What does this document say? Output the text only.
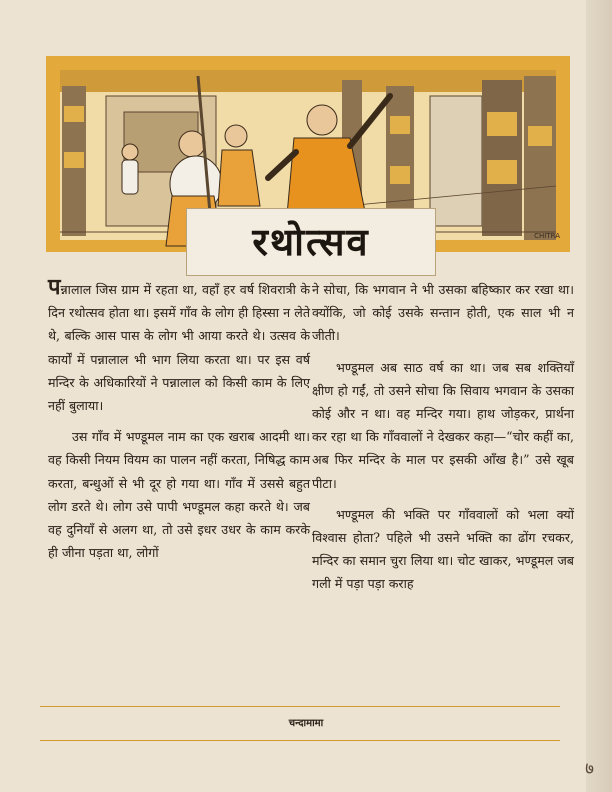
रथोत्सव	CHITRA

पन्नालाल जिस ग्राम में रहता था, वहाँ हर वर्ष शिवरात्री के दिन रथोत्सव होता था। इसमें गाँव के लोग ही हिस्सा न लेते थे, बल्कि आस पास के लोग भी आया करते थे। उत्सव के कार्यों में पन्नालाल भी भाग लिया करता था। पर इस वर्ष मन्दिर के अधिकारियों ने पन्नालाल को किसी काम के लिए नहीं बुलाया।

उस गाँव में भण्डूमल नाम का एक खराब आदमी था। वह किसी नियम वियम का पालन नहीं करता, निषिद्ध काम करता, बन्धुओं से भी दूर हो गया था। गाँव में उससे बहुत लोग डरते थे। लोग उसे पापी भण्डूमल कहा करते थे। जब वह दुनियाँ से अलग था, तो उसे इधर उधर के काम करके ही जीना पड़ता था, लोगों

ने सोचा, कि भगवान ने भी उसका बहिष्कार कर रखा था। क्योंकि, जो कोई उसके सन्तान होती, एक साल भी न जीती।

भण्डूमल अब साठ वर्ष का था। जब सब शक्तियाँ क्षीण हो गईं, तो उसने सोचा कि सिवाय भगवान के उसका कोई और न था। वह मन्दिर गया। हाथ जोड़कर, प्रार्थना कर रहा था कि गाँववालों ने देखकर कहा—“चोर कहीं का, अब फिर मन्दिर के माल पर इसकी आँख है।” उसे खूब पीटा।

भण्डूमल की भक्ति पर गाँववालों को भला क्यों विश्वास होता? पहिले भी उसने भक्ति का ढोंग रचकर, मन्दिर का समान चुरा लिया था। चोट खाकर, भण्डूमल जब गली में पड़ा पड़ा कराह

चन्दामामा
७
